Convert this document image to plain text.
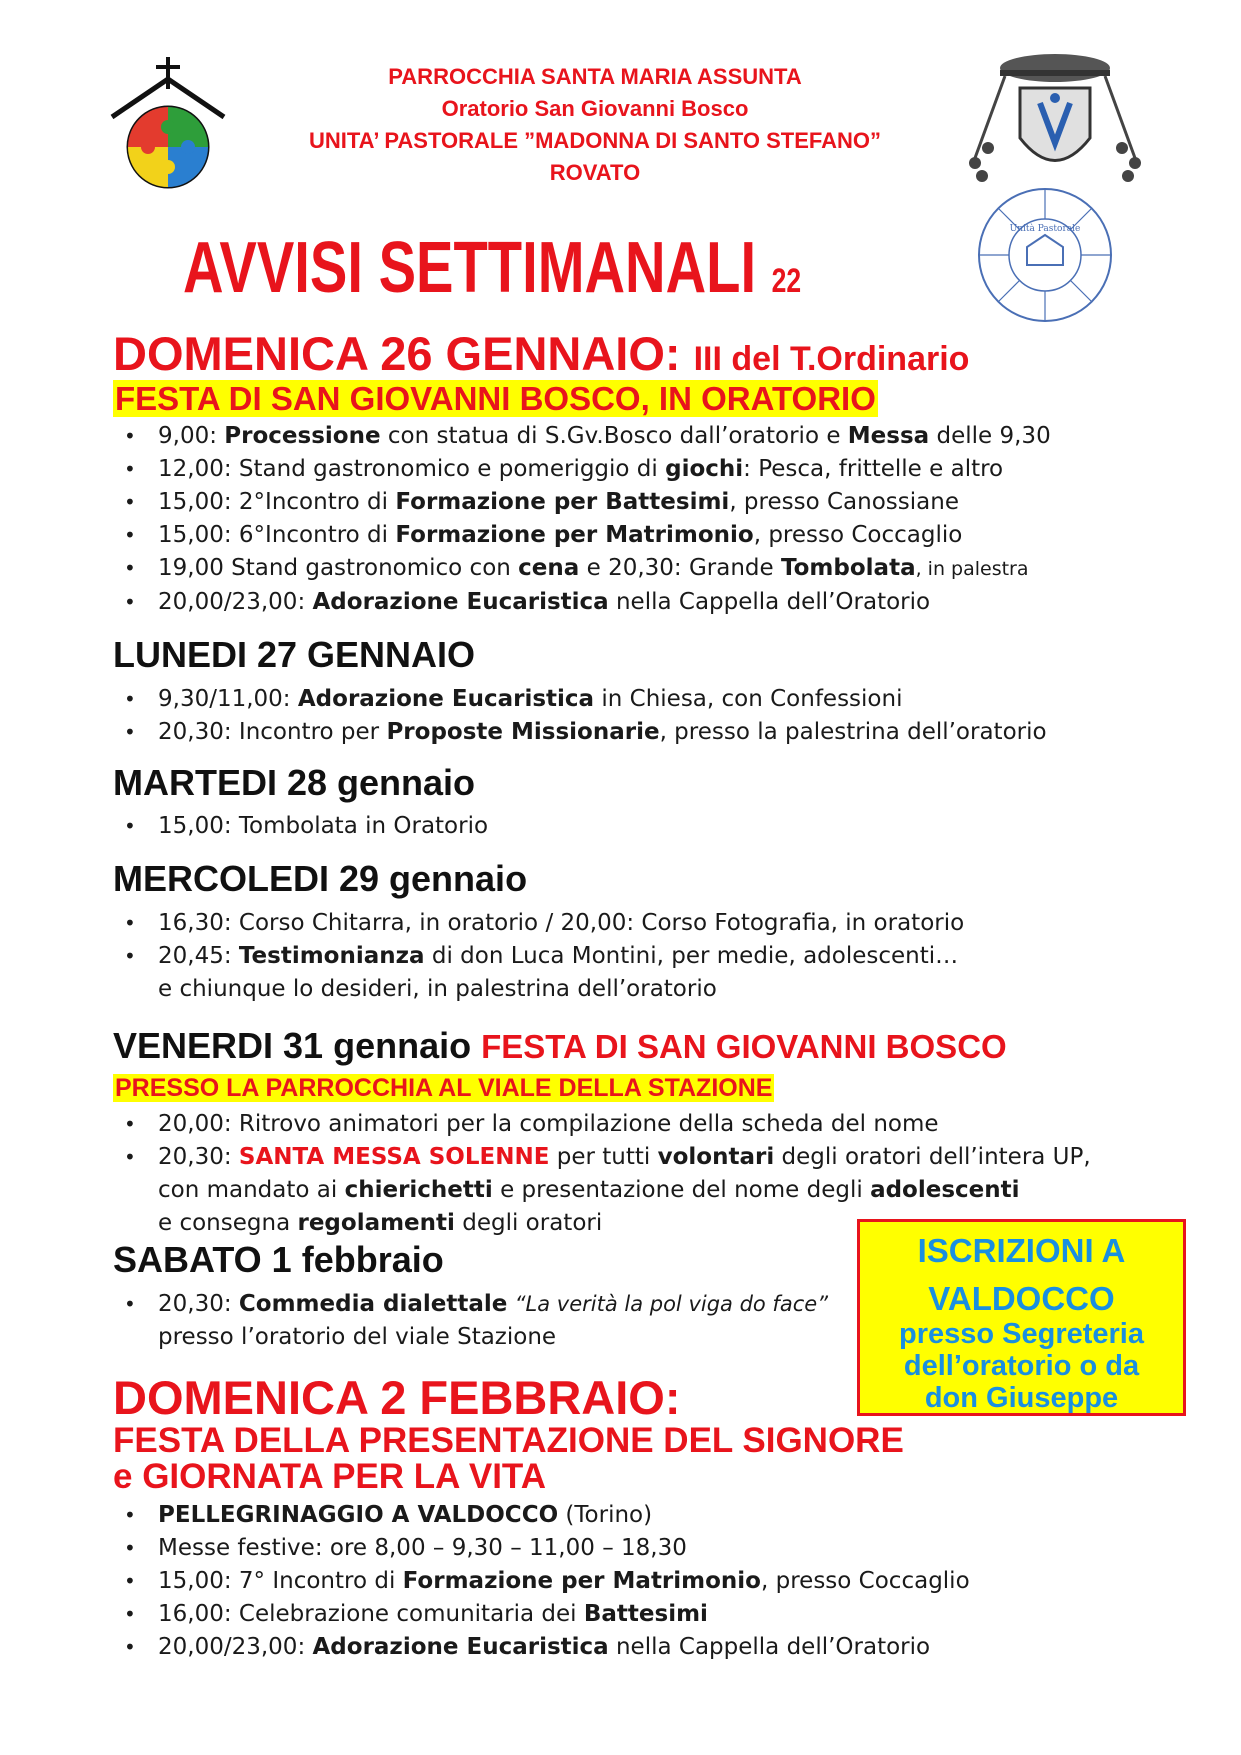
Unità Pastorale
PARROCCHIA SANTA MARIA ASSUNTA
Oratorio San Giovanni Bosco
UNITA’ PASTORALE ”MADONNA DI SANTO STEFANO”
ROVATO
AVVISI SETTIMANALI 22
DOMENICA 26 GENNAIO: III del T.Ordinario
FESTA DI SAN GIOVANNI BOSCO, IN ORATORIO
• 9,00: Processione con statua di S.Gv.Bosco dall’oratorio e Messa delle 9,30
• 12,00: Stand gastronomico e pomeriggio di giochi: Pesca, frittelle e altro
• 15,00: 2°Incontro di Formazione per Battesimi, presso Canossiane
• 15,00: 6°Incontro di Formazione per Matrimonio, presso Coccaglio
• 19,00 Stand gastronomico con cena e 20,30: Grande Tombolata, in palestra
• 20,00/23,00: Adorazione Eucaristica nella Cappella dell’Oratorio
LUNEDI 27 GENNAIO
• 9,30/11,00: Adorazione Eucaristica in Chiesa, con Confessioni
• 20,30: Incontro per Proposte Missionarie, presso la palestrina dell’oratorio
MARTEDI 28 gennaio
• 15,00: Tombolata in Oratorio
MERCOLEDI 29 gennaio
• 16,30: Corso Chitarra, in oratorio / 20,00: Corso Fotografia, in oratorio
• 20,45: Testimonianza di don Luca Montini, per medie, adolescenti…
e chiunque lo desideri, in palestrina dell’oratorio
VENERDI 31 gennaio FESTA DI SAN GIOVANNI BOSCO
PRESSO LA PARROCCHIA AL VIALE DELLA STAZIONE
• 20,00: Ritrovo animatori per la compilazione della scheda del nome
• 20,30: SANTA MESSA SOLENNE per tutti volontari degli oratori dell’intera UP,
con mandato ai chierichetti e presentazione del nome degli adolescenti
e consegna regolamenti degli oratori
SABATO 1 febbraio
• 20,30: Commedia dialettale “La verità la pol viga do face”
presso l’oratorio del viale Stazione
ISCRIZIONI A
VALDOCCO
presso Segreteria
dell’oratorio o da
don Giuseppe
DOMENICA 2 FEBBRAIO:
FESTA DELLA PRESENTAZIONE DEL SIGNORE
e GIORNATA PER LA VITA
• PELLEGRINAGGIO A VALDOCCO (Torino)
• Messe festive: ore 8,00 – 9,30 – 11,00 – 18,30
• 15,00: 7° Incontro di Formazione per Matrimonio, presso Coccaglio
• 16,00: Celebrazione comunitaria dei Battesimi
• 20,00/23,00: Adorazione Eucaristica nella Cappella dell’Oratorio
